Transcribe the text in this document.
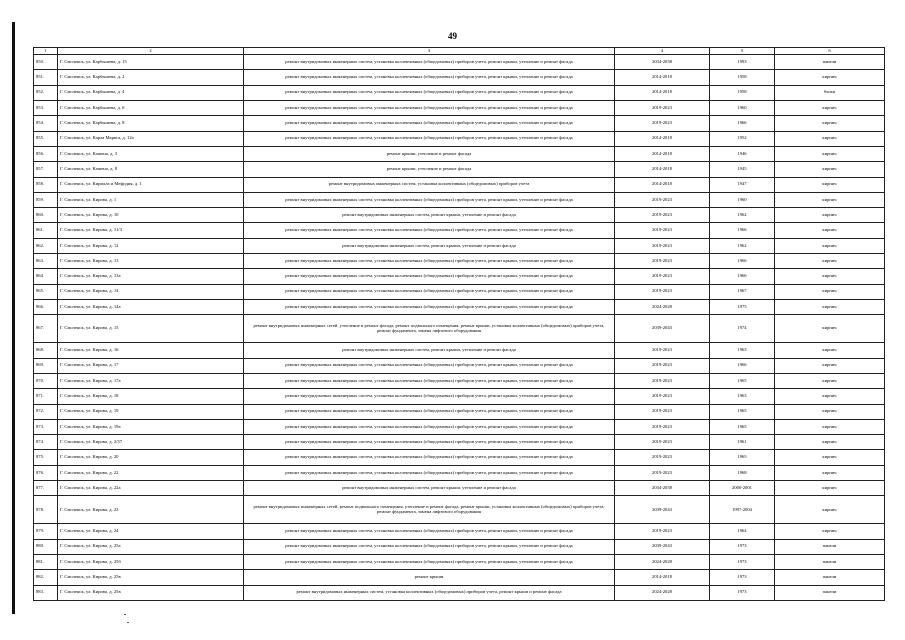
49
1	2	3	4	5	6
850.	Г. Смоленск, ул. Карбышева, д. 15	ремонт внутридомовых инженерных систем, установка коллективных (общедомовых) приборов учета, ремонт крыши, утепление и ремонт фасада	2034-2038	1993	панели
851.	Г. Смоленск, ул. Карбышева, д. 2	ремонт внутридомовых инженерных систем, установка коллективных (общедомовых) приборов учета, ремонт крыши, утепление и ремонт фасада	2014-2018	1958	кирпич
852.	Г. Смоленск, ул. Карбышева, д. 4	ремонт внутридомовых инженерных систем, установка коллективных (общедомовых) приборов учета, ремонт крыши, утепление и ремонт фасада	2014-2018	1958	блоки
853.	Г. Смоленск, ул. Карбышева, д. 6	ремонт внутридомовых инженерных систем, установка коллективных (общедомовых) приборов учета, ремонт крыши, утепление и ремонт фасада	2019-2023	1960	кирпич
854.	Г. Смоленск, ул. Карбышева, д. 8	ремонт внутридомовых инженерных систем, установка коллективных (общедомовых) приборов учета, ремонт крыши, утепление и ремонт фасада	2019-2023	1966	кирпич
855.	Г. Смоленск, ул. Карла Маркса, д. 12а	ремонт внутридомовых инженерных систем, установка коллективных (общедомовых) приборов учета, ремонт крыши, утепление и ремонт фасада	2014-2018	1952	кирпич
856.	Г. Смоленск, ул. Кашена, д. 3	ремонт крыши, утепление и ремонт фасада	2014-2018	1946	кирпич
857.	Г. Смоленск, ул. Кашена, д. 8	ремонт крыши, утепление и ремонт фасада	2014-2018	1945	кирпич
858.	Г. Смоленск, ул. Кирилла и Мефодия, д. 1	ремонт внутридомовых инженерных систем, установка коллективных (общедомовых) приборов учета	2014-2018	1947	кирпич
859.	Г. Смоленск, ул. Кирова, д. 1	ремонт внутридомовых инженерных систем, установка коллективных (общедомовых) приборов учета, ремонт крыши, утепление и ремонт фасада	2019-2023	1960	кирпич
860.	Г. Смоленск, ул. Кирова, д. 10	ремонт внутридомовых инженерных систем, ремонт крыши, утепление и ремонт фасада	2019-2023	1962	кирпич
861.	Г. Смоленск, ул. Кирова, д. 11/3	ремонт внутридомовых инженерных систем, установка коллективных (общедомовых) приборов учета, ремонт крыши, утепление и ремонт фасада	2019-2023	1966	кирпич
862.	Г. Смоленск, ул. Кирова, д. 12	ремонт внутридомовых инженерных систем, ремонт крыши, утепление и ремонт фасада	2019-2023	1962	кирпич
863.	Г. Смоленск, ул. Кирова, д. 13	ремонт внутридомовых инженерных систем, установка коллективных (общедомовых) приборов учета, ремонт крыши, утепление и ремонт фасада	2019-2023	1966	кирпич
864.	Г. Смоленск, ул. Кирова, д. 13а	ремонт внутридомовых инженерных систем, установка коллективных (общедомовых) приборов учета, ремонт крыши, утепление и ремонт фасада	2019-2023	1966	кирпич
865.	Г. Смоленск, ул. Кирова, д. 14	ремонт внутридомовых инженерных систем, установка коллективных (общедомовых) приборов учета, ремонт крыши, утепление и ремонт фасада	2019-2023	1967	кирпич
866.	Г. Смоленск, ул. Кирова, д. 14а	ремонт внутридомовых инженерных систем, установка коллективных (общедомовых) приборов учета, ремонт крыши, утепление и ремонт фасада	2024-2028	1975	кирпич
867.	Г. Смоленск, ул. Кирова, д. 15	ремонт внутридомовых инженерных сетей, утепление и ремонт фасада, ремонт подвального помещения, ремонт крыши, установка коллективных (общедомовых) приборов учета, ремонт фундамента, замена лифтового оборудования	2039-2043	1974	кирпич
868.	Г. Смоленск, ул. Кирова, д. 16	ремонт внутридомовых инженерных систем, ремонт крыши, утепление и ремонт фасада	2019-2023	1963	кирпич
869.	Г. Смоленск, ул. Кирова, д. 17	ремонт внутридомовых инженерных систем, установка коллективных (общедомовых) приборов учета, ремонт крыши, утепление и ремонт фасада	2019-2023	1966	кирпич
870.	Г. Смоленск, ул. Кирова, д. 17а	ремонт внутридомовых инженерных систем, установка коллективных (общедомовых) приборов учета, ремонт крыши, утепление и ремонт фасада	2019-2023	1965	кирпич
871.	Г. Смоленск, ул. Кирова, д. 18	ремонт внутридомовых инженерных систем, установка коллективных (общедомовых) приборов учета, ремонт крыши, утепление и ремонт фасада	2019-2023	1963	кирпич
872.	Г. Смоленск, ул. Кирова, д. 19	ремонт внутридомовых инженерных систем, установка коллективных (общедомовых) приборов учета, ремонт крыши, утепление и ремонт фасада	2019-2023	1965	кирпич
873.	Г. Смоленск, ул. Кирова, д. 19а	ремонт внутридомовых инженерных систем, установка коллективных (общедомовых) приборов учета, ремонт крыши, утепление и ремонт фасада	2019-2023	1965	кирпич
874.	Г. Смоленск, ул. Кирова, д. 2/57	ремонт внутридомовых инженерных систем, установка коллективных (общедомовых) приборов учета, ремонт крыши, утепление и ремонт фасада	2019-2023	1961	кирпич
875.	Г. Смоленск, ул. Кирова, д. 20	ремонт внутридомовых инженерных систем, установка коллективных (общедомовых) приборов учета, ремонт крыши, утепление и ремонт фасада	2019-2023	1965	кирпич
876.	Г. Смоленск, ул. Кирова, д. 22	ремонт внутридомовых инженерных систем, установка коллективных (общедомовых) приборов учета, ремонт крыши, утепление и ремонт фасада	2019-2023	1968	кирпич
877.	Г. Смоленск, ул. Кирова, д. 22а	ремонт внутридомовых инженерных систем, ремонт крыши, утепление и ремонт фасада	2034-2038	2000-2001	кирпич
878.	Г. Смоленск, ул. Кирова, д. 23	ремонт внутридомовых инженерных сетей, ремонт подвального помещения, утепление и ремонт фасада, ремонт крыши, установка коллективных (общедомовых) приборов учета, ремонт фундамента, замена лифтового оборудования	2039-2043	1997-2004	кирпич
879.	Г. Смоленск, ул. Кирова, д. 24	ремонт внутридомовых инженерных систем, установка коллективных (общедомовых) приборов учета, ремонт крыши, утепление и ремонт фасада	2019-2023	1964	кирпич
880.	Г. Смоленск, ул. Кирова, д. 25а	ремонт внутридомовых инженерных систем, установка коллективных (общедомовых) приборов учета, ремонт крыши, утепление и ремонт фасада	2039-2043	1973	панели
881.	Г. Смоленск, ул. Кирова, д. 25б	ремонт внутридомовых инженерных систем, установка коллективных (общедомовых) приборов учета, ремонт крыши, утепление и ремонт фасада	2024-2028	1973	панели
882.	Г. Смоленск, ул. Кирова, д. 25в	ремонт крыши	2014-2018	1973	панели
883.	Г. Смоленск, ул. Кирова, д. 25в	ремонт внутридомовых инженерных систем, установка коллективных (общедомовых) приборов учета, ремонт крыши и ремонт фасада	2024-2028	1973	панели
